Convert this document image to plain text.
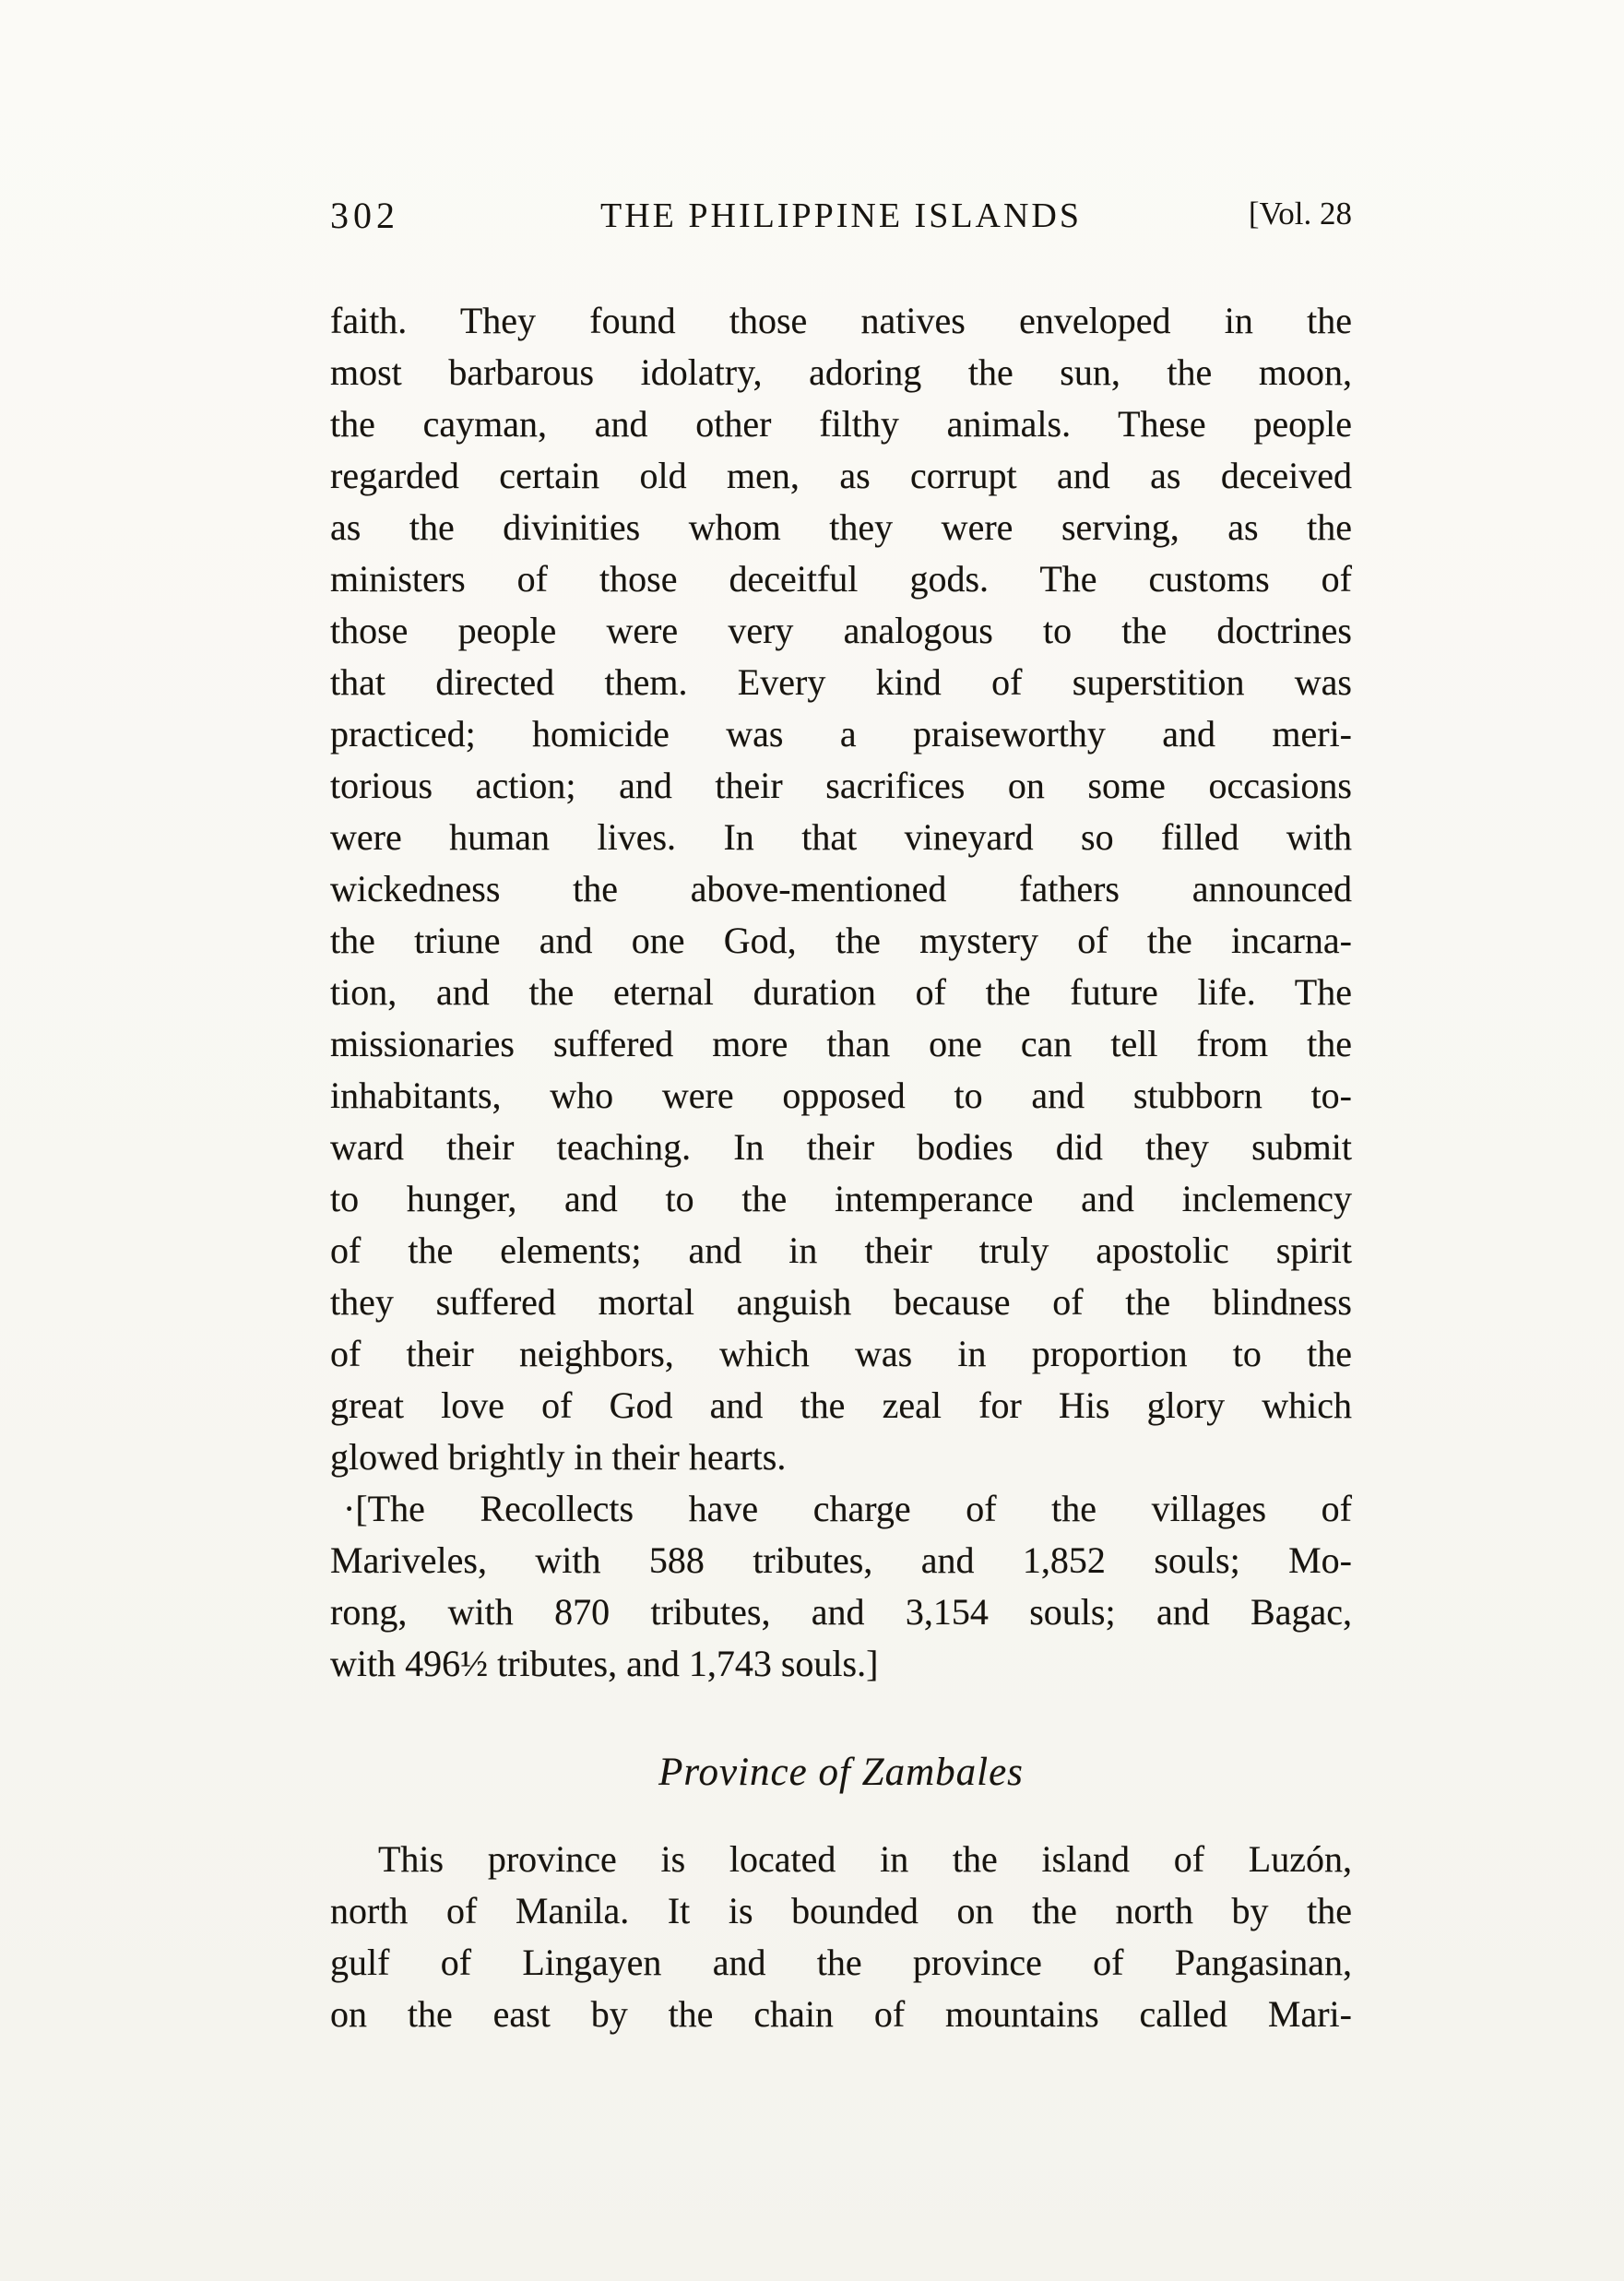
302	THE PHILIPPINE ISLANDS	[Vol. 28
faith. They found those natives enveloped in the
most barbarous idolatry, adoring the sun, the moon,
the cayman, and other filthy animals. These people
regarded certain old men, as corrupt and as deceived
as the divinities whom they were serving, as the
ministers of those deceitful gods. The customs of
those people were very analogous to the doctrines
that directed them. Every kind of superstition was
practiced; homicide was a praiseworthy and meri-
torious action; and their sacrifices on some occasions
were human lives. In that vineyard so filled with
wickedness the above-mentioned fathers announced
the triune and one God, the mystery of the incarna-
tion, and the eternal duration of the future life. The
missionaries suffered more than one can tell from the
inhabitants, who were opposed to and stubborn to-
ward their teaching. In their bodies did they submit
to hunger, and to the intemperance and inclemency
of the elements; and in their truly apostolic spirit
they suffered mortal anguish because of the blindness
of their neighbors, which was in proportion to the
great love of God and the zeal for His glory which
glowed brightly in their hearts.
·[The Recollects have charge of the villages of
Mariveles, with 588 tributes, and 1,852 souls; Mo-
rong, with 870 tributes, and 3,154 souls; and Bagac,
with 496½ tributes, and 1,743 souls.]
Province of Zambales
This province is located in the island of Luzón,
north of Manila. It is bounded on the north by the
gulf of Lingayen and the province of Pangasinan,
on the east by the chain of mountains called Mari-
